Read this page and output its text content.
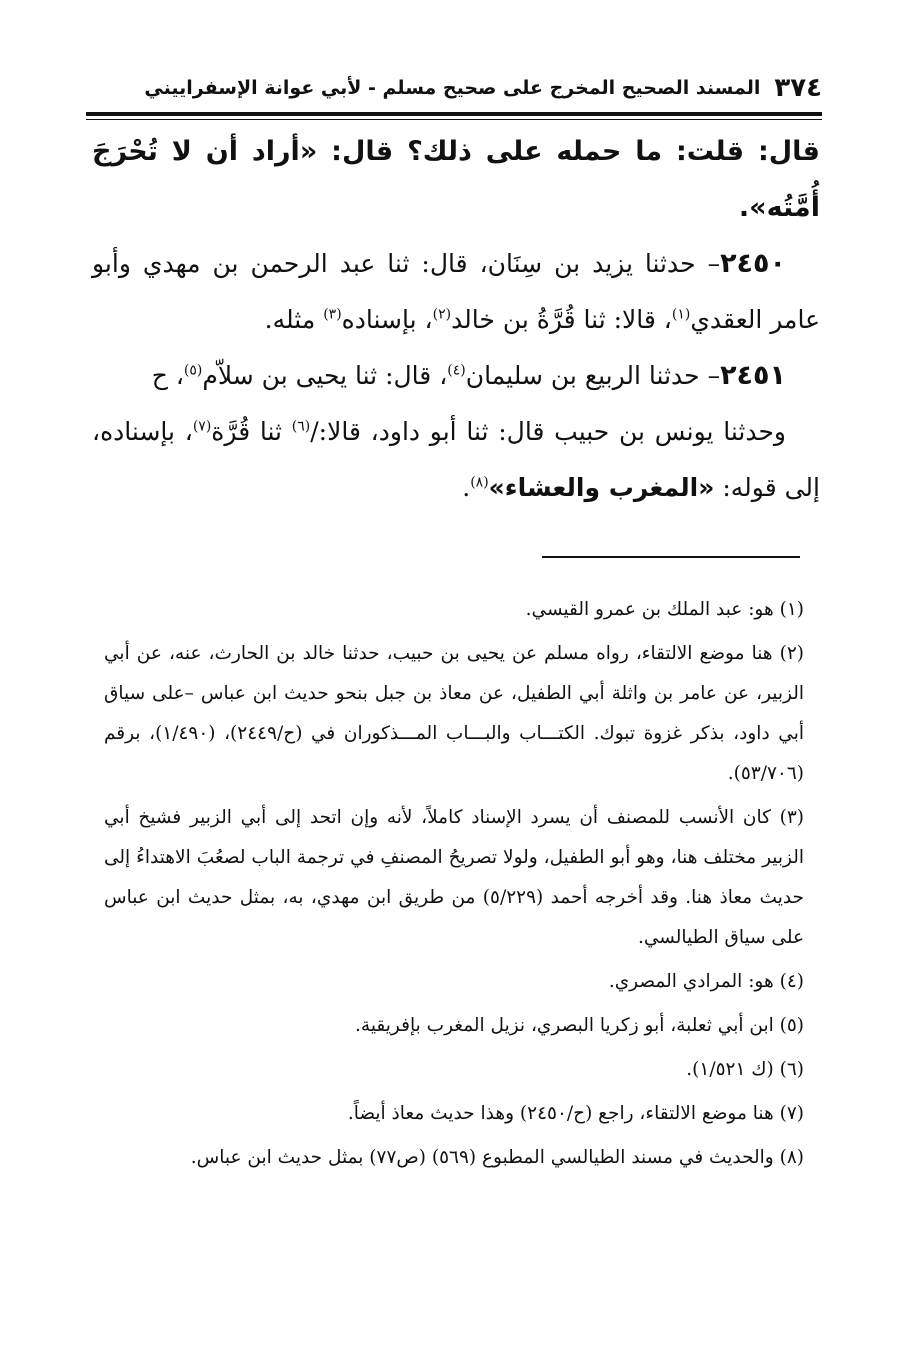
٣٧٤
المسند الصحيح المخرج على صحيح مسلم - لأبي عوانة الإسفراييني

قال: قلت: ما حمله على ذلك؟ قال: «أراد أن لا تُحْرَجَ أُمَّتُه».

٢٤٥٠– حدثنا يزيد بن سِنَان، قال: ثنا عبد الرحمن بن مهدي وأبو عامر العقدي$^{(١)}$، قالا: ثنا قُرَّةُ بن خالد$^{(٢)}$، بإسناده$^{(٣)}$ مثله.

٢٤٥١– حدثنا الربيع بن سليمان$^{(٤)}$، قال: ثنا يحيى بن سلاّم$^{(٥)}$، ح

وحدثنا يونس بن حبيب قال: ثنا أبو داود، قالا:/$^{(٦)}$ ثنا قُرَّة$^{(٧)}$، بإسناده، إلى قوله: «المغرب والعشاء»$^{(٨)}$.

(١) هو: عبد الملك بن عمرو القيسي.

(٢) هنا موضع الالتقاء، رواه مسلم عن يحيى بن حبيب، حدثنا خالد بن الحارث، عنه، عن أبي الزبير، عن عامر بن واثلة أبي الطفيل، عن معاذ بن جبل بنحو حديث ابن عباس –على سياق أبي داود، بذكر غزوة تبوك. الكتـــاب والبـــاب المـــذكوران في (ح/٢٤٤٩)، (١/٤٩٠)، برقم (٥٣/٧٠٦).

(٣) كان الأنسب للمصنف أن يسرد الإسناد كاملاً، لأنه وإن اتحد إلى أبي الزبير فشيخ أبي الزبير مختلف هنا، وهو أبو الطفيل، ولولا تصريحُ المصنفِ في ترجمة الباب لصعُبَ الاهتداءُ إلى حديث معاذ هنا. وقد أخرجه أحمد (٥/٢٢٩) من طريق ابن مهدي، به، بمثل حديث ابن عباس على سياق الطيالسي.

(٤) هو: المرادي المصري.

(٥) ابن أبي ثعلبة، أبو زكريا البصري، نزيل المغرب بإفريقية.

(٦) (ك ١/٥٢١).

(٧) هنا موضع الالتقاء، راجع (ح/٢٤٥٠) وهذا حديث معاذ أيضاً.

(٨) والحديث في مسند الطيالسي المطبوع (٥٦٩) (ص٧٧) بمثل حديث ابن عباس.
